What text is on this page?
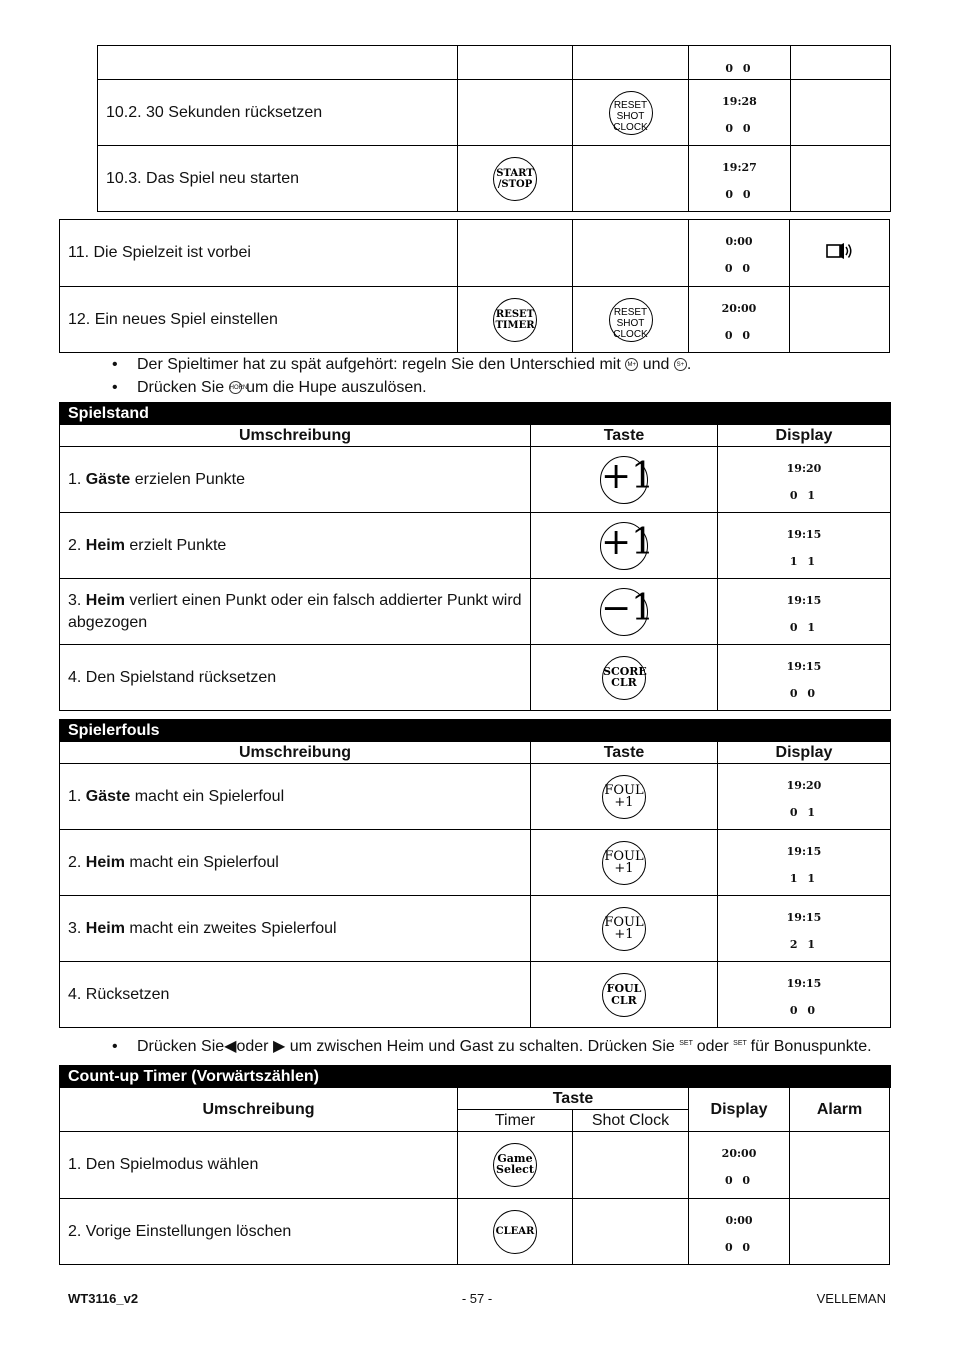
			0 0	

10.2. 30 Sekunden rücksetzen		RESET SHOT CLOCK	19:28
0 0	

10.3. Das Spiel neu starten	START /STOP		19:27
0 0	

11. Die Spielzeit ist vorbei			0:00
0 0

12. Ein neues Spiel einstellen	RESET TIMER	RESET SHOT CLOCK	20:00
0 0	

• Der Spieltimer hat zu spät aufgehört: regeln Sie den Unterschied mit M+ und S+ .
• Drücken Sie HORN um die Hupe auszulösen.
Spielstand
Umschreibung	Taste	Display
1. Gäste erzielen Punkte	+1	19:20
0 1

2. Heim erzielt Punkte	+1	19:15
1 1

3. Heim verliert einen Punkt oder ein falsch addierter Punkt wird abgezogen	−1	19:15
0 1

4. Den Spielstand rücksetzen	SCORE CLR	19:15
0 0
Spielerfouls
Umschreibung	Taste	Display
1. Gäste macht ein Spielerfoul	FOUL
+1	19:20
0 1

2. Heim macht ein Spielerfoul	FOUL
+1	19:15
1 1

3. Heim macht ein zweites Spielerfoul	FOUL
+1	19:15
2 1

4. Rücksetzen	FOUL
CLR	19:15
0 0
• Drücken Sie◀oder ▶ um zwischen Heim und Gast zu schalten. Drücken Sie SET oder SET für Bonuspunkte.
Count-up Timer (Vorwärtszählen)
Umschreibung	Taste		Display	Alarm
	Timer	Shot Clock		
1. Den Spielmodus wählen	Game Select		20:00
0 0	

2. Vorige Einstellungen löschen	CLEAR		0:00
0 0	

WT3116_v2	- 57 -	VELLEMAN
